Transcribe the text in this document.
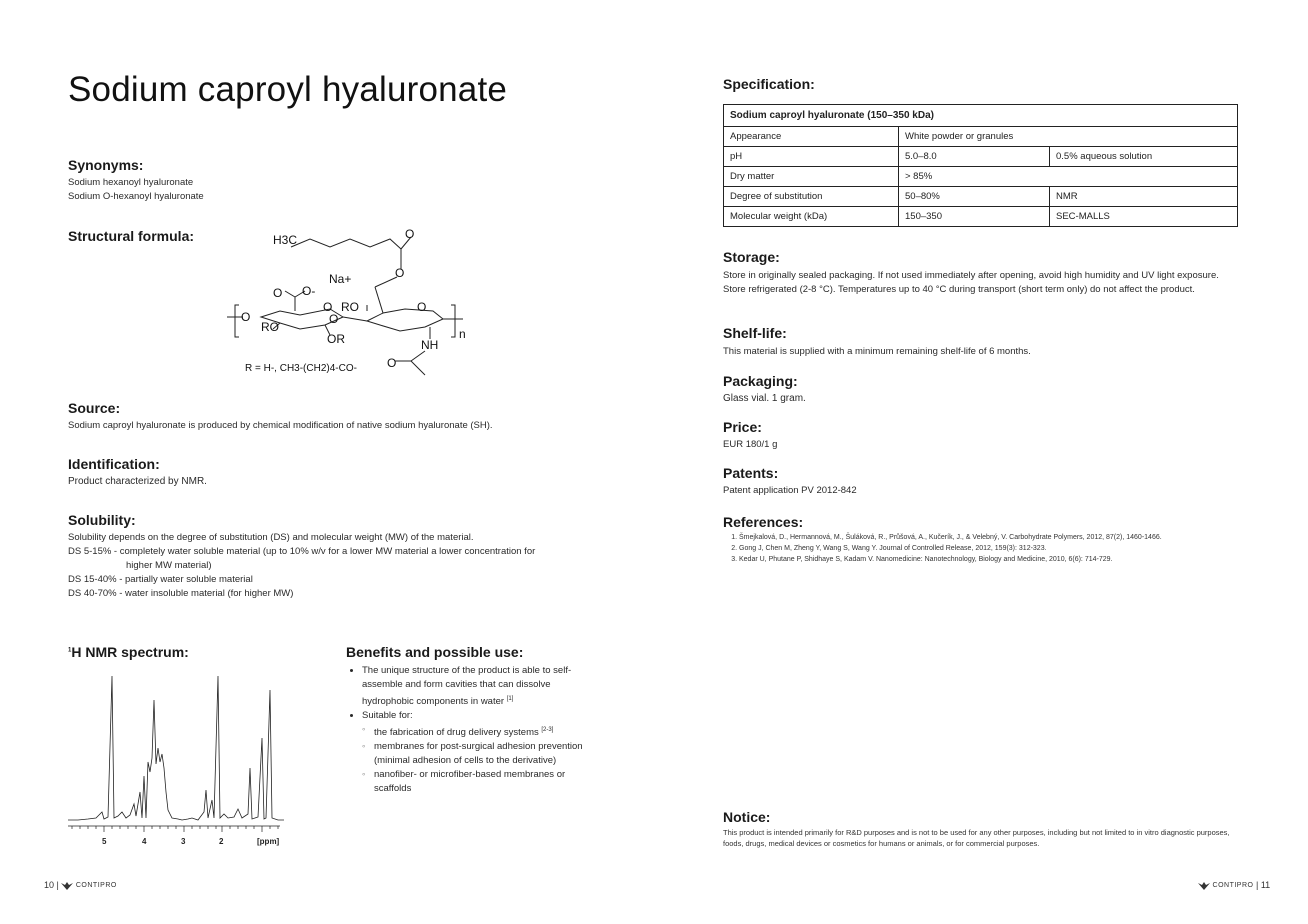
Sodium caproyl hyaluronate
Synonyms:

Sodium hexanoyl hyaluronate

Sodium O-hexanoyl hyaluronate

Structural formula:	H3C	O
O
Na+
O O-
O RO	O
O	O
RO
OR	NH
n
O
R = H-, CH3-(CH2)4-CO-
Source:

Sodium caproyl hyaluronate is produced by chemical modification of native sodium hyaluronate (SH).

Identification:

Product characterized by NMR.

Solubility:
Solubility depends on the degree of substitution (DS) and molecular weight (MW) of the material.
DS 5-15% - completely water soluble material (up to 10% w/v for a lower MW material a lower concentration for
higher MW material)
DS 15-40% - partially water soluble material
DS 40-70% - water insoluble material (for higher MW)
$^1$H NMR spectrum:
5	4	3	2	[ppm]
Benefits and possible use:
• The unique structure of the product is able to self-assemble and form cavities that can dissolve hydrophobic components in water [1]
• Suitable for:
◦ the fabrication of drug delivery systems [2-3]
◦ membranes for post-surgical adhesion prevention (minimal adhesion of cells to the derivative)
◦ nanofiber- or microfiber-based membranes or scaffolds
10 |  CONTIPRO
Specification:
Sodium caproyl hyaluronate (150–350 kDa)		
Appearance	White powder or granules	
pH	5.0–8.0	0.5% aqueous solution
Dry matter	> 85%	
Degree of substitution	50–80%	NMR
Molecular weight (kDa)	150–350	SEC-MALLS
Storage:

Store in originally sealed packaging. If not used immediately after opening, avoid high humidity and UV light exposure. Store refrigerated (2-8 °C). Temperatures up to 40 °C during transport (short term only) do not affect the product.

Shelf-life:

This material is supplied with a minimum remaining shelf-life of 6 months.

Packaging:

Glass vial. 1 gram.

Price:

EUR 180/1 g

Patents:

Patent application PV 2012-842

References:
1. Šmejkalová, D., Hermannová, M., Šuláková, R., Průšová, A., Kučerík, J., & Velebný, V. Carbohydrate Polymers, 2012, 87(2), 1460-1466.
2. Gong J, Chen M, Zheng Y, Wang S, Wang Y. Journal of Controlled Release, 2012, 159(3): 312-323.
3. Kedar U, Phutane P, Shidhaye S, Kadam V. Nanomedicine: Nanotechnology, Biology and Medicine, 2010, 6(6): 714-729.
Notice:

This product is intended primarily for R&D purposes and is not to be used for any other purposes, including but not limited to in vitro diagnostic purposes, foods, drugs, medical devices or cosmetics for humans or animals, or for commercial purposes.

CONTIPRO | 11
